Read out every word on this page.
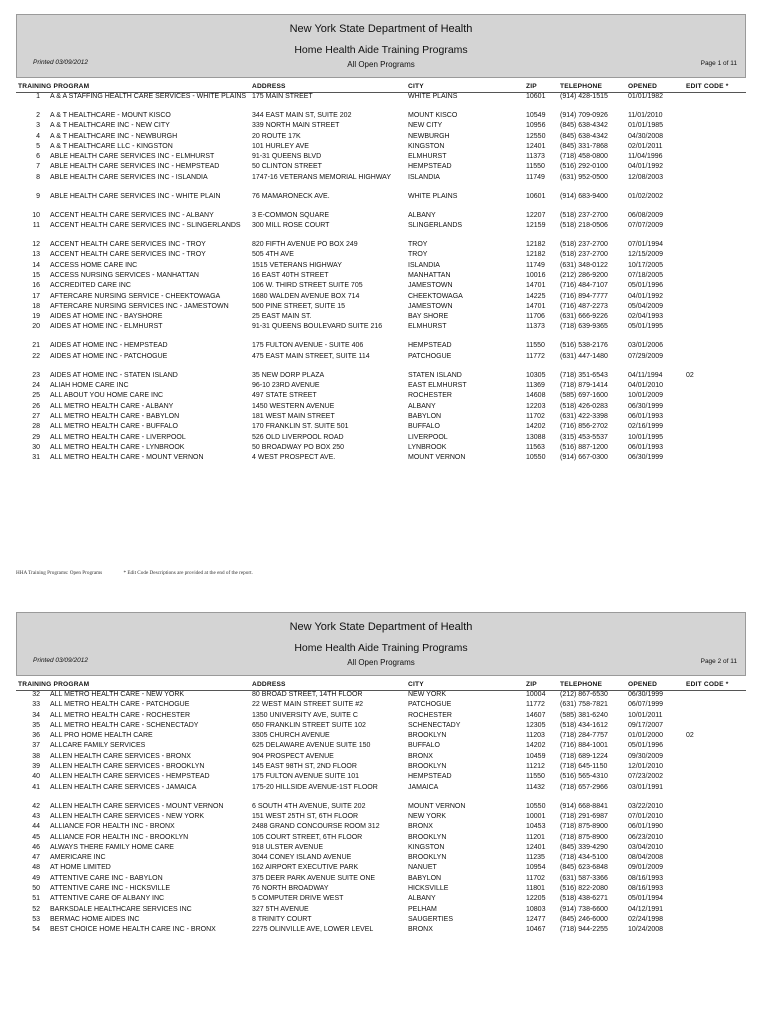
New York State Department of Health
Home Health Aide Training Programs
All Open Programs
Printed 03/09/2012	Page 1 of 11
TRAINING PROGRAM	ADDRESS	CITY	ZIP	TELEPHONE	OPENED	EDIT CODE *
1 A & A STAFFING HEALTH CARE SERVICES - WHITE PLAINS 175 MAIN STREET	WHITE PLAINS	10601 (914) 428-1515	01/01/1982
2 A & T HEALTHCARE - MOUNT KISCO	344 EAST MAIN ST, SUITE 202	MOUNT KISCO	10549 (914) 709-0926	11/01/2010
3 A & T HEALTHCARE INC - NEW CITY	339 NORTH MAIN STREET	NEW CITY	10956 (845) 638-4342	01/01/1985
4 A & T HEALTHCARE INC - NEWBURGH	20 ROUTE 17K	NEWBURGH	12550 (845) 638-4342	04/30/2008
5 A & T HEALTHCARE LLC - KINGSTON	101 HURLEY AVE	KINGSTON	12401 (845) 331-7868	02/01/2011
6 ABLE HEALTH CARE SERVICES INC - ELMHURST	91-31 QUEENS BLVD	ELMHURST	11373 (718) 458-0800	11/04/1996
7 ABLE HEALTH CARE SERVICES INC - HEMPSTEAD	50 CLINTON STREET	HEMPSTEAD	11550 (516) 292-0100	04/01/1992
8 ABLE HEALTH CARE SERVICES INC - ISLANDIA	1747-16 VETERANS MEMORIAL HIGHWAY	ISLANDIA	11749 (631) 952-0500	12/08/2003
9 ABLE HEALTH CARE SERVICES INC - WHITE PLAIN	76 MAMARONECK AVE.	WHITE PLAINS	10601 (914) 683-9400	01/02/2002
10 ACCENT HEALTH CARE SERVICES INC - ALBANY	3 E-COMMON SQUARE	ALBANY	12207 (518) 237-2700	06/08/2009
11 ACCENT HEALTH CARE SERVICES INC - SLINGERLANDS	300 MILL ROSE COURT	SLINGERLANDS	12159 (518) 218-0506	07/07/2009
12 ACCENT HEALTH CARE SERVICES INC - TROY	820 FIFTH AVENUE PO BOX 249	TROY	12182 (518) 237-2700	07/01/1994
13 ACCENT HEALTH CARE SERVICES INC - TROY	505 4TH AVE	TROY	12182 (518) 237-2700	12/15/2009
14 ACCESS HOME CARE INC	1515 VETERANS HIGHWAY	ISLANDIA	11749 (631) 348-0122	10/17/2005
15 ACCESS NURSING SERVICES - MANHATTAN	16 EAST 40TH STREET	MANHATTAN	10016 (212) 286-9200	07/18/2005
16 ACCREDITED CARE INC	106 W. THIRD STREET SUITE 705	JAMESTOWN	14701 (716) 484-7107	05/01/1996
17 AFTERCARE NURSING SERVICE - CHEEKTOWAGA	1680 WALDEN AVENUE BOX 714	CHEEKTOWAGA	14225 (716) 894-7777	04/01/1992
18 AFTERCARE NURSING SERVICES INC - JAMESTOWN	500 PINE STREET, SUITE 15	JAMESTOWN	14701 (716) 487-2273	05/04/2009
19 AIDES AT HOME INC - BAYSHORE	25 EAST MAIN ST.	BAY SHORE	11706 (631) 666-9226	02/04/1993
20 AIDES AT HOME INC - ELMHURST	91-31 QUEENS BOULEVARD SUITE 216	ELMHURST	11373 (718) 639-9365	05/01/1995
21 AIDES AT HOME INC - HEMPSTEAD	175 FULTON AVENUE - SUITE 406	HEMPSTEAD	11550 (516) 538-2176	03/01/2006
22 AIDES AT HOME INC - PATCHOGUE	475 EAST MAIN STREET, SUITE 114	PATCHOGUE	11772 (631) 447-1480	07/29/2009
23 AIDES AT HOME INC - STATEN ISLAND	35 NEW DORP PLAZA	STATEN ISLAND	10305 (718) 351-6543	04/11/1994	02
24 ALIAH HOME CARE INC	96-10 23RD AVENUE	EAST ELMHURST	11369 (718) 879-1414	04/01/2010
25 ALL ABOUT YOU HOME CARE INC	497 STATE STREET	ROCHESTER	14608 (585) 697-1600	10/01/2009
26 ALL METRO HEALTH CARE - ALBANY	1450 WESTERN AVENUE	ALBANY	12203 (518) 426-0283	06/30/1999
27 ALL METRO HEALTH CARE - BABYLON	181 WEST MAIN STREET	BABYLON	11702 (631) 422-3398	06/01/1993
28 ALL METRO HEALTH CARE - BUFFALO	170 FRANKLIN ST. SUITE 501	BUFFALO	14202 (716) 856-2702	02/16/1999
29 ALL METRO HEALTH CARE - LIVERPOOL	526 OLD LIVERPOOL ROAD	LIVERPOOL	13088 (315) 453-5537	10/01/1995
30 ALL METRO HEALTH CARE - LYNBROOK	50 BROADWAY PO BOX 250	LYNBROOK	11563 (516) 887-1200	06/01/1993
31 ALL METRO HEALTH CARE - MOUNT VERNON	4 WEST PROSPECT AVE.	MOUNT VERNON	10550 (914) 667-0300	06/30/1999
HHA Training Programs: Open Programs	* Edit Code Descriptions are provided at the end of the report.
New York State Department of Health
Home Health Aide Training Programs
All Open Programs
Printed 03/09/2012	Page 2 of 11
TRAINING PROGRAM	ADDRESS	CITY	ZIP	TELEPHONE	OPENED	EDIT CODE *
32 ALL METRO HEALTH CARE - NEW YORK	80 BROAD STREET, 14TH FLOOR	NEW YORK	10004 (212) 867-6530	06/30/1999
33 ALL METRO HEALTH CARE - PATCHOGUE	22 WEST MAIN STREET SUITE #2	PATCHOGUE	11772 (631) 758-7821	06/07/1999
34 ALL METRO HEALTH CARE - ROCHESTER	1350 UNIVERSITY AVE, SUITE C	ROCHESTER	14607 (585) 381-6240	10/01/2011
35 ALL METRO HEALTH CARE - SCHENECTADY	650 FRANKLIN STREET SUITE 102	SCHENECTADY	12305 (518) 434-1612	09/17/2007
36 ALL PRO HOME HEALTH CARE	3305 CHURCH AVENUE	BROOKLYN	11203 (718) 284-7757	01/01/2000	02
37 ALLCARE FAMILY SERVICES	625 DELAWARE AVENUE SUITE 150	BUFFALO	14202 (716) 884-1001	05/01/1996
38 ALLEN HEALTH CARE SERVICES - BRONX	904 PROSPECT AVENUE	BRONX	10459 (718) 689-1224	09/30/2009
39 ALLEN HEALTH CARE SERVICES - BROOKLYN	145 EAST 98TH ST, 2ND FLOOR	BROOKLYN	11212 (718) 645-1150	12/01/2010
40 ALLEN HEALTH CARE SERVICES - HEMPSTEAD	175 FULTON AVENUE SUITE 101	HEMPSTEAD	11550 (516) 565-4310	07/23/2002
41 ALLEN HEALTH CARE SERVICES - JAMAICA	175-20 HILLSIDE AVENUE-1ST FLOOR	JAMAICA	11432 (718) 657-2966	03/01/1991
42 ALLEN HEALTH CARE SERVICES - MOUNT VERNON	6 SOUTH 4TH AVENUE, SUITE 202	MOUNT VERNON	10550 (914) 668-8841	03/22/2010
43 ALLEN HEALTH CARE SERVICES - NEW YORK	151 WEST 25TH ST, 6TH FLOOR	NEW YORK	10001 (718) 291-6987	07/01/2010
44 ALLIANCE FOR HEALTH INC - BRONX	2488 GRAND CONCOURSE ROOM 312	BRONX	10453 (718) 875-8900	06/01/1990
45 ALLIANCE FOR HEALTH INC - BROOKLYN	105 COURT STREET, 6TH FLOOR	BROOKLYN	11201 (718) 875-8900	06/23/2010
46 ALWAYS THERE FAMILY HOME CARE	918 ULSTER AVENUE	KINGSTON	12401 (845) 339-4290	03/04/2010
47 AMERICARE INC	3044 CONEY ISLAND AVENUE	BROOKLYN	11235 (718) 434-5100	08/04/2008
48 AT HOME LIMITED	162 AIRPORT EXECUTIVE PARK	NANUET	10954 (845) 623-6848	09/01/2009
49 ATTENTIVE CARE INC - BABYLON	375 DEER PARK AVENUE SUITE ONE	BABYLON	11702 (631) 587-3366	08/16/1993
50 ATTENTIVE CARE INC - HICKSVILLE	76 NORTH BROADWAY	HICKSVILLE	11801 (516) 822-2080	08/16/1993
51 ATTENTIVE CARE OF ALBANY INC	5 COMPUTER DRIVE WEST	ALBANY	12205 (518) 438-6271	05/01/1994
52 BARKSDALE HEALTHCARE SERVICES INC	327 5TH AVENUE	PELHAM	10803 (914) 738-6600	04/12/1991
53 BERMAC HOME AIDES INC	8 TRINITY COURT	SAUGERTIES	12477 (845) 246-6000	02/24/1998
54 BEST CHOICE HOME HEALTH CARE INC - BRONX	2275 OLINVILLE AVE, LOWER LEVEL	BRONX	10467 (718) 944-2255	10/24/2008
